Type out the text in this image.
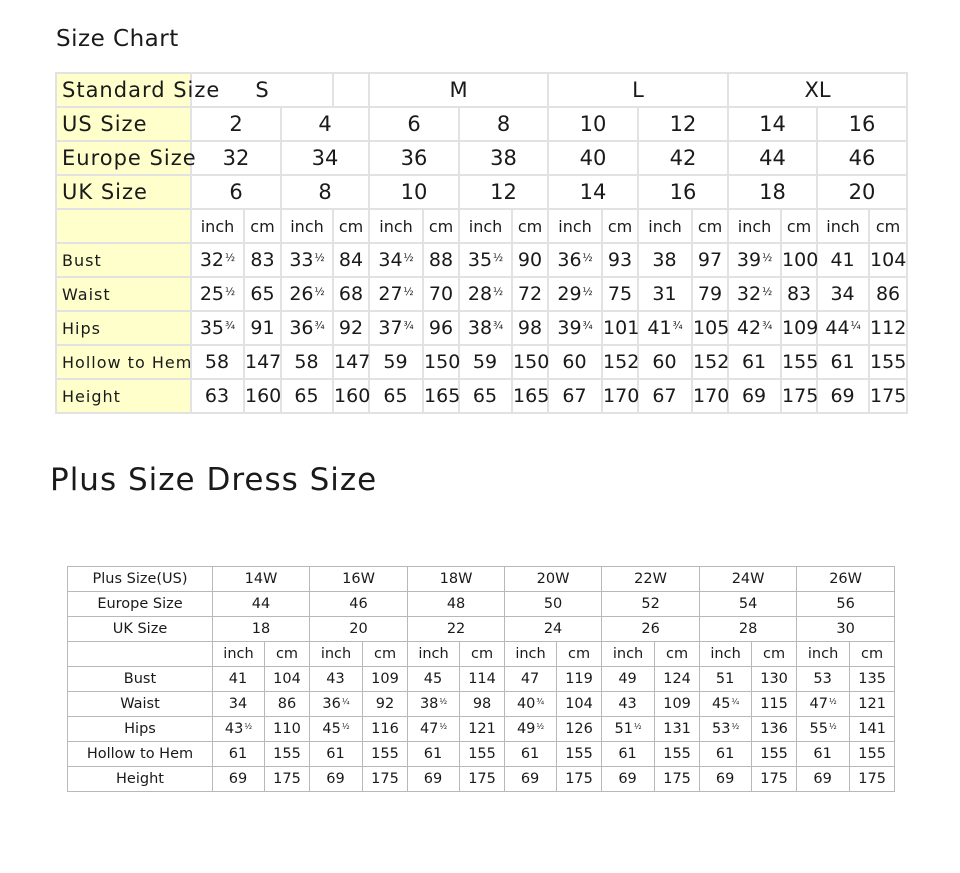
Size Chart
Standard Size	S				M				L				XL			
US Size	2		4		6		8		10		12		14		16	
Europe Size	32		34		36		38		40		42		44		46	
UK Size	6		8		10		12		14		16		18		20	
	inch	cm	inch	cm	inch	cm	inch	cm	inch	cm	inch	cm	inch	cm	inch	cm
Bust	$32^{\frac{1}{2}}$	83	$33^{\frac{1}{2}}$	84	$34^{\frac{1}{2}}$	88	$35^{\frac{1}{2}}$	90	$36^{\frac{1}{2}}$	93	38	97	$39^{\frac{1}{2}}$	100	41	104
Waist	$25^{\frac{1}{2}}$	65	$26^{\frac{1}{2}}$	68	$27^{\frac{1}{2}}$	70	$28^{\frac{1}{2}}$	72	$29^{\frac{1}{2}}$	75	31	79	$32^{\frac{1}{2}}$	83	34	86
Hips	$35^{\frac{3}{4}}$	91	$36^{\frac{3}{4}}$	92	$37^{\frac{3}{4}}$	96	$38^{\frac{3}{4}}$	98	$39^{\frac{3}{4}}$	101	$41^{\frac{3}{4}}$	105	$42^{\frac{3}{4}}$	109	$44^{\frac{1}{4}}$	112
Hollow to Hem	58	147	58	147	59	150	59	150	60	152	60	152	61	155	61	155
Height	63	160	65	160	65	165	65	165	67	170	67	170	69	175	69	175
Plus Size Dress Size
Plus Size(US)	14W		16W		18W		20W		22W		24W		26W	
Europe Size	44		46		48		50		52		54		56	
UK Size	18		20		22		24		26		28		30	
	inch	cm	inch	cm	inch	cm	inch	cm	inch	cm	inch	cm	inch	cm
Bust	41	104	43	109	45	114	47	119	49	124	51	130	53	135
Waist	34	86	$36^{\frac{1}{4}}$	92	$38^{\frac{1}{2}}$	98	$40^{\frac{3}{4}}$	104	43	109	$45^{\frac{1}{4}}$	115	$47^{\frac{1}{2}}$	121
Hips	$43^{\frac{1}{2}}$	110	$45^{\frac{1}{2}}$	116	$47^{\frac{1}{2}}$	121	$49^{\frac{1}{2}}$	126	$51^{\frac{1}{2}}$	131	$53^{\frac{1}{2}}$	136	$55^{\frac{1}{2}}$	141
Hollow to Hem	61	155	61	155	61	155	61	155	61	155	61	155	61	155
Height	69	175	69	175	69	175	69	175	69	175	69	175	69	175
